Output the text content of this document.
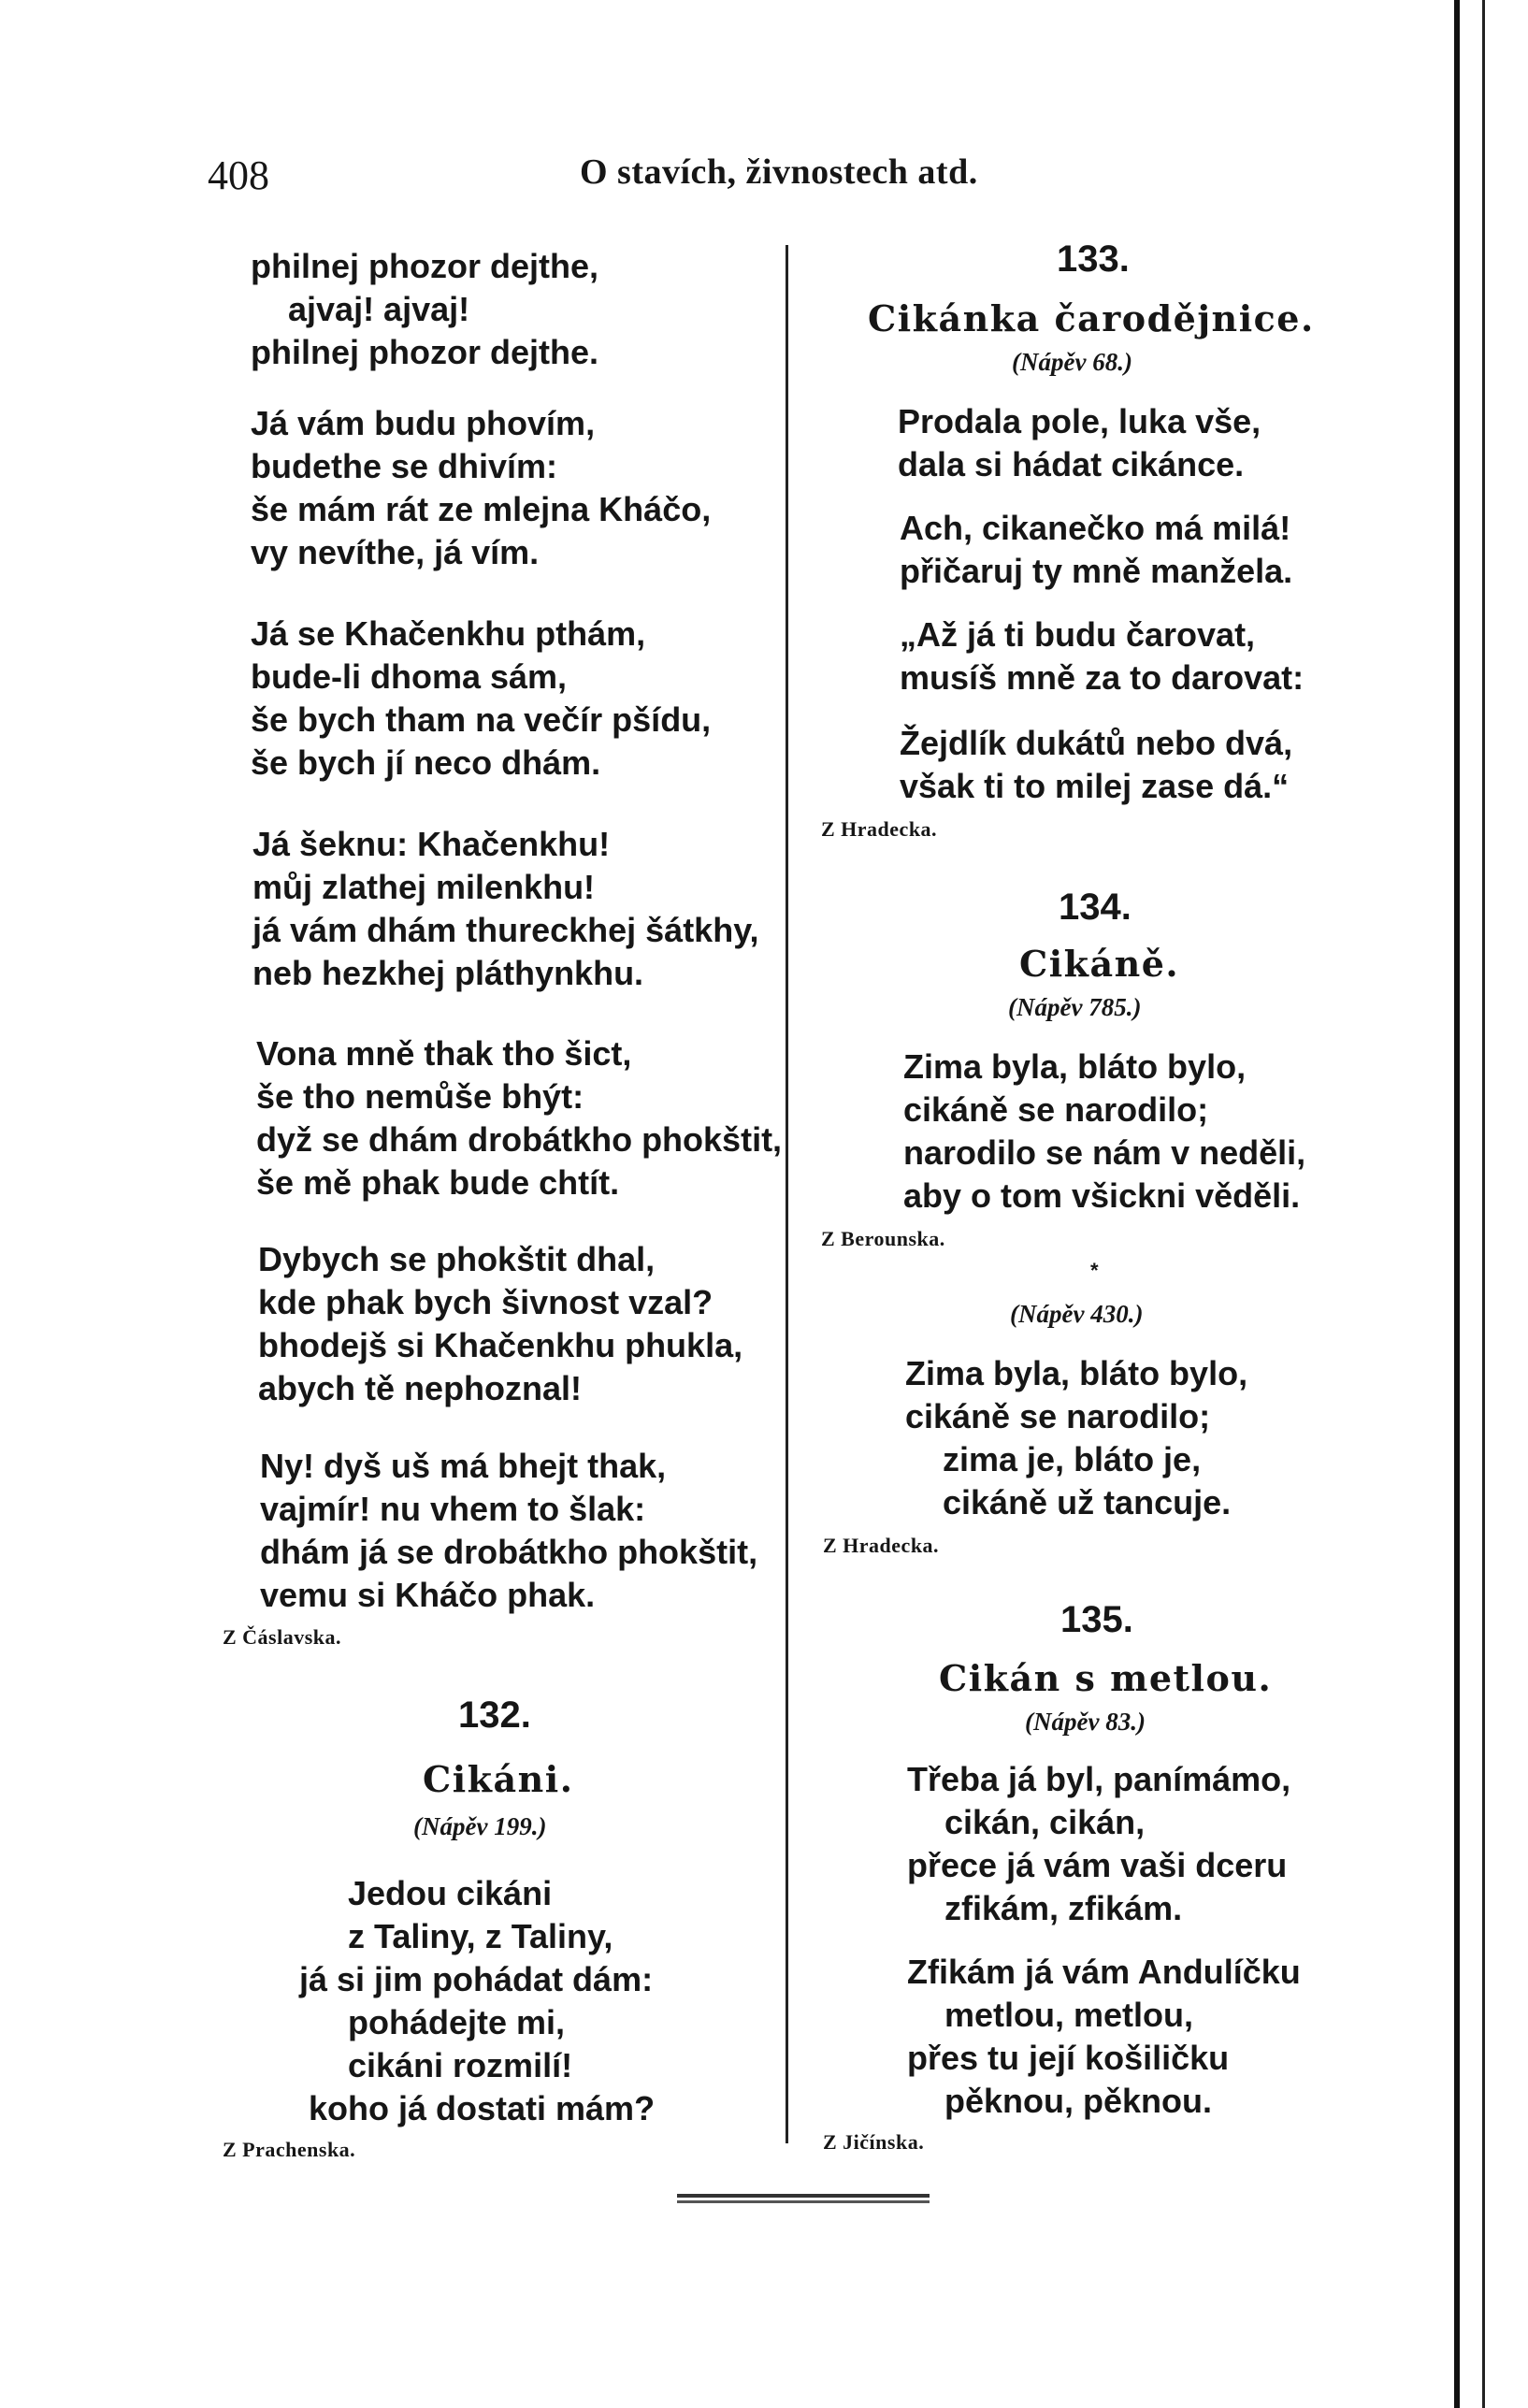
408	O stavích, živnostech atd.
philnej phozor dejthe,
ajvaj! ajvaj!
philnej phozor dejthe.
Já vám budu phovím,
budethe se dhivím:
še mám rát ze mlejna Kháčo,
vy nevíthe, já vím.
Já se Khačenkhu pthám,
bude-li dhoma sám,
še bych tham na večír pšídu,
še bych jí neco dhám.
Já šeknu: Khačenkhu!
můj zlathej milenkhu!
já vám dhám thureckhej šátkhy,
neb hezkhej pláthynkhu.
Vona mně thak tho šict,
še tho nemůše bhýt:
dyž se dhám drobátkho phokštit,
še mě phak bude chtít.
Dybych se phokštit dhal,
kde phak bych šivnost vzal?
bhodejš si Khačenkhu phukla,
abych tě nephoznal!
Ny! dyš uš má bhejt thak,
vajmír! nu vhem to šlak:
dhám já se drobátkho phokštit,
vemu si Kháčo phak.
Z Čáslavska.
132.
Cikáni.
(Nápěv 199.)
Jedou cikáni
z Taliny, z Taliny,
já si jim pohádat dám:
pohádejte mi,
cikáni rozmilí!
koho já dostati mám?
Z Prachenska.
133.
Cikánka čarodějnice.
(Nápěv 68.)
Prodala pole, luka vše,
dala si hádat cikánce.
Ach, cikanečko má milá!
přičaruj ty mně manžela.
„Až já ti budu čarovat,
musíš mně za to darovat:
Žejdlík dukátů nebo dvá,
však ti to milej zase dá.“
Z Hradecka.
134.
Cikáně.
(Nápěv 785.)
Zima byla, bláto bylo,
cikáně se narodilo;
narodilo se nám v neděli,
aby o tom všickni věděli.
Z Berounska.
*
(Nápěv 430.)
Zima byla, bláto bylo,
cikáně se narodilo;
zima je, bláto je,
cikáně už tancuje.
Z Hradecka.
135.
Cikán s metlou.
(Nápěv 83.)
Třeba já byl, panímámo,
cikán, cikán,
přece já vám vaši dceru
zfikám, zfikám.
Zfikám já vám Andulíčku
metlou, metlou,
přes tu její košiličku
pěknou, pěknou.
Z Jičínska.
